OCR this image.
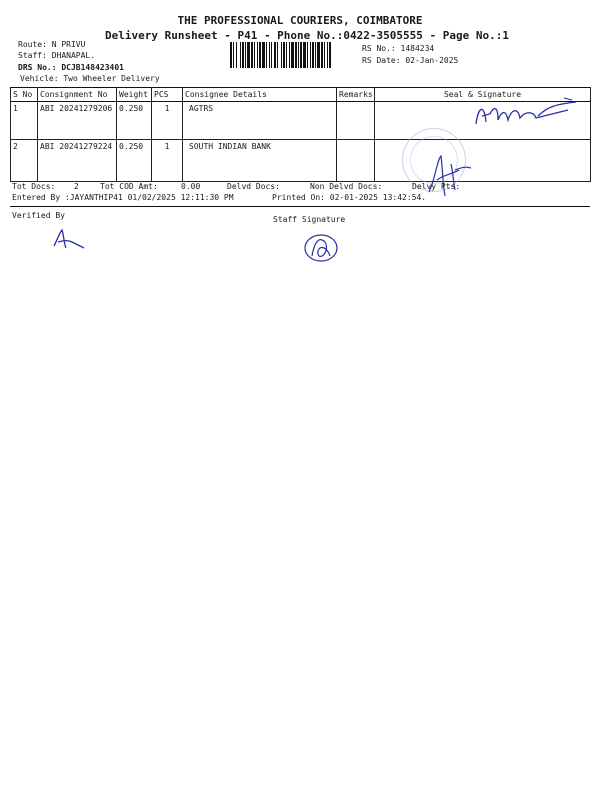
THE PROFESSIONAL COURIERS, COIMBATORE
Delivery Runsheet - P41 - Phone No.:0422-3505555 - Page No.:1
Route: N PRIVU
Staff: DHANAPAL.
DRS No.: DCJB148423401
Vehicle: Two Wheeler Delivery
RS No.: 1484234
RS Date: 02-Jan-2025
S No	Consignment No	Weight	PCS	Consignee Details	Remarks	Seal & Signature
1	ABI 20241279206	0.250	1	AGTRS		
2	ABI 20241279224	0.250	1	SOUTH INDIAN BANK		
Tot Docs: 2	Tot COD Amt:	0.00	Delvd Docs:	Non Delvd Docs:	Delvy Pts:
Entered By :JAYANTHIP41 01/02/2025 12:11:30 PM	Printed On: 02-01-2025 13:42:54.
Verified By	Staff Signature
